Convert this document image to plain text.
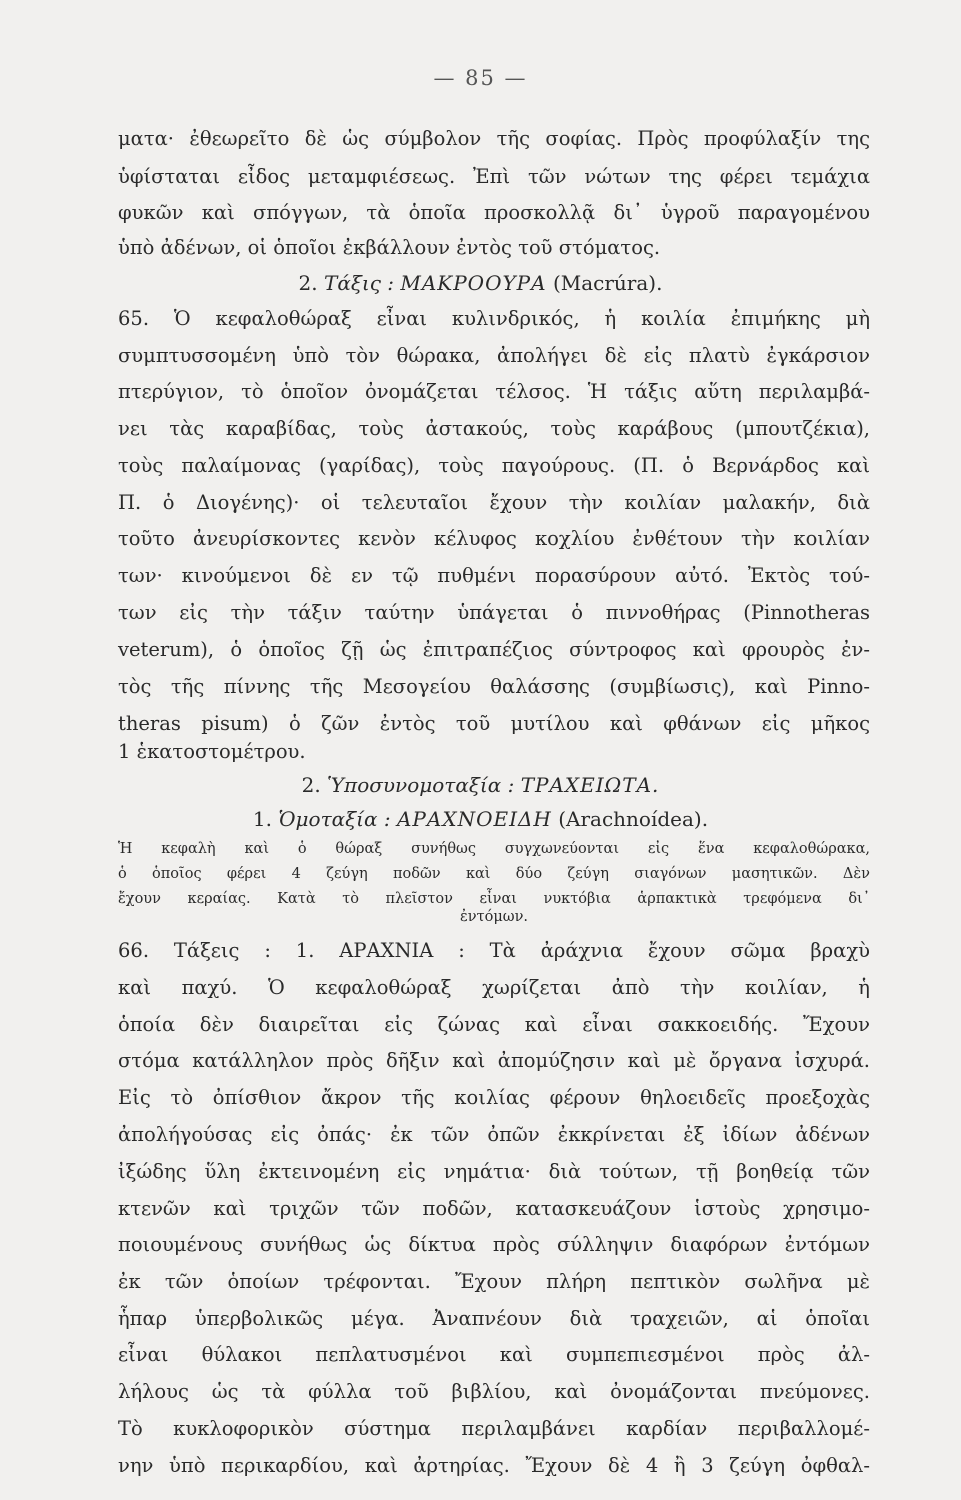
— 85 —
ματα· ἐθεωρεῖτο δὲ ὡς σύμβολον τῆς σοφίας. Πρὸς προφύλαξίν της
ὑφίσταται εἶδος μεταμφιέσεως. Ἐπὶ τῶν νώτων της φέρει τεμάχια
φυκῶν καὶ σπόγγων, τὰ ὁποῖα προσκολλᾷ δι᾽ ὑγροῦ παραγομένου
ὑπὸ ἀδένων, οἱ ὁποῖοι ἐκβάλλουν ἐντὸς τοῦ στόματος.
2. Τάξις : ΜΑΚΡΟΟΥΡΑ (Macrúra).
65. Ὁ κεφαλοθώραξ εἶναι κυλινδρικός, ἡ κοιλία ἐπιμήκης μὴ
συμπτυσσομένη ὑπὸ τὸν θώρακα, ἀπολήγει δὲ εἰς πλατὺ ἐγκάρσιον
πτερύγιον, τὸ ὁποῖον ὀνομάζεται τέλσος. Ἡ τάξις αὕτη περιλαμβά-
νει τὰς καραβίδας, τοὺς ἀστακούς, τοὺς καράβους (μπουτζέκια),
τοὺς παλαίμονας (γαρίδας), τοὺς παγούρους. (Π. ὁ Βερνάρδος καὶ
Π. ὁ Διογένης)· οἱ τελευταῖοι ἔχουν τὴν κοιλίαν μαλακήν, διὰ
τοῦτο ἀνευρίσκοντες κενὸν κέλυφος κοχλίου ἐνθέτουν τὴν κοιλίαν
των· κινούμενοι δὲ εν τῷ πυθμένι πορασύρουν αὐτό. Ἐκτὸς τού-
των εἰς τὴν τάξιν ταύτην ὑπάγεται ὁ πιννοθήρας (Pinnotheras
veterum), ὁ ὁποῖος ζῇ ὡς ἐπιτραπέζιος σύντροφος καὶ φρουρὸς ἐν-
τὸς τῆς πίννης τῆς Μεσογείου θαλάσσης (συμβίωσις), καὶ Pinno-
theras pisum) ὁ ζῶν ἐντὸς τοῦ μυτίλου καὶ φθάνων εἰς μῆκος
1 ἑκατοστομέτρου.
2. Ὑποσυνομοταξία : ΤΡΑΧΕΙΩΤΑ.
1. Ὁμοταξία : ΑΡΑΧΝΟΕΙΔΗ (Arachnoídea).
Ἡ κεφαλὴ καὶ ὁ θώραξ συνήθως συγχωνεύονται εἰς ἕνα κεφαλοθώρακα,
ὁ ὁποῖος φέρει 4 ζεύγη ποδῶν καὶ δύο ζεύγη σιαγόνων μασητικῶν. Δὲν
ἔχουν κεραίας. Κατὰ τὸ πλεῖστον εἶναι νυκτόβια ἁρπακτικὰ τρεφόμενα δι᾽
ἐντόμων.
66. Τάξεις : 1. ΑΡΑΧΝΙΑ : Τὰ ἀράχνια ἔχουν σῶμα βραχὺ
καὶ παχύ. Ὁ κεφαλοθώραξ χωρίζεται ἀπὸ τὴν κοιλίαν, ἡ
ὁποία δὲν διαιρεῖται εἰς ζώνας καὶ εἶναι σακκοειδής. Ἔχουν
στόμα κατάλληλον πρὸς δῆξιν καὶ ἀπομύζησιν καὶ μὲ ὄργανα ἰσχυρά.
Εἰς τὸ ὀπίσθιον ἄκρον τῆς κοιλίας φέρουν θηλοειδεῖς προεξοχὰς
ἀπολήγούσας εἰς ὀπάς· ἐκ τῶν ὀπῶν ἐκκρίνεται ἐξ ἰδίων ἀδένων
ἰξώδης ὕλη ἐκτεινομένη εἰς νημάτια· διὰ τούτων, τῇ βοηθείᾳ τῶν
κτενῶν καὶ τριχῶν τῶν ποδῶν, κατασκευάζουν ἱστοὺς χρησιμο-
ποιουμένους συνήθως ὡς δίκτυα πρὸς σύλληψιν διαφόρων ἐντόμων
ἐκ τῶν ὁποίων τρέφονται. Ἔχουν πλήρη πεπτικὸν σωλῆνα μὲ
ἧπαρ ὑπερβολικῶς μέγα. Ἀναπνέουν διὰ τραχειῶν, αἱ ὁποῖαι
εἶναι θύλακοι πεπλατυσμένοι καὶ συμπεπιεσμένοι πρὸς ἀλ-
λήλους ὡς τὰ φύλλα τοῦ βιβλίου, καὶ ὀνομάζονται πνεύμονες.
Τὸ κυκλοφορικὸν σύστημα περιλαμβάνει καρδίαν περιβαλλομέ-
νην ὑπὸ περικαρδίου, καὶ ἀρτηρίας. Ἔχουν δὲ 4 ἢ 3 ζεύγη ὀφθαλ-
